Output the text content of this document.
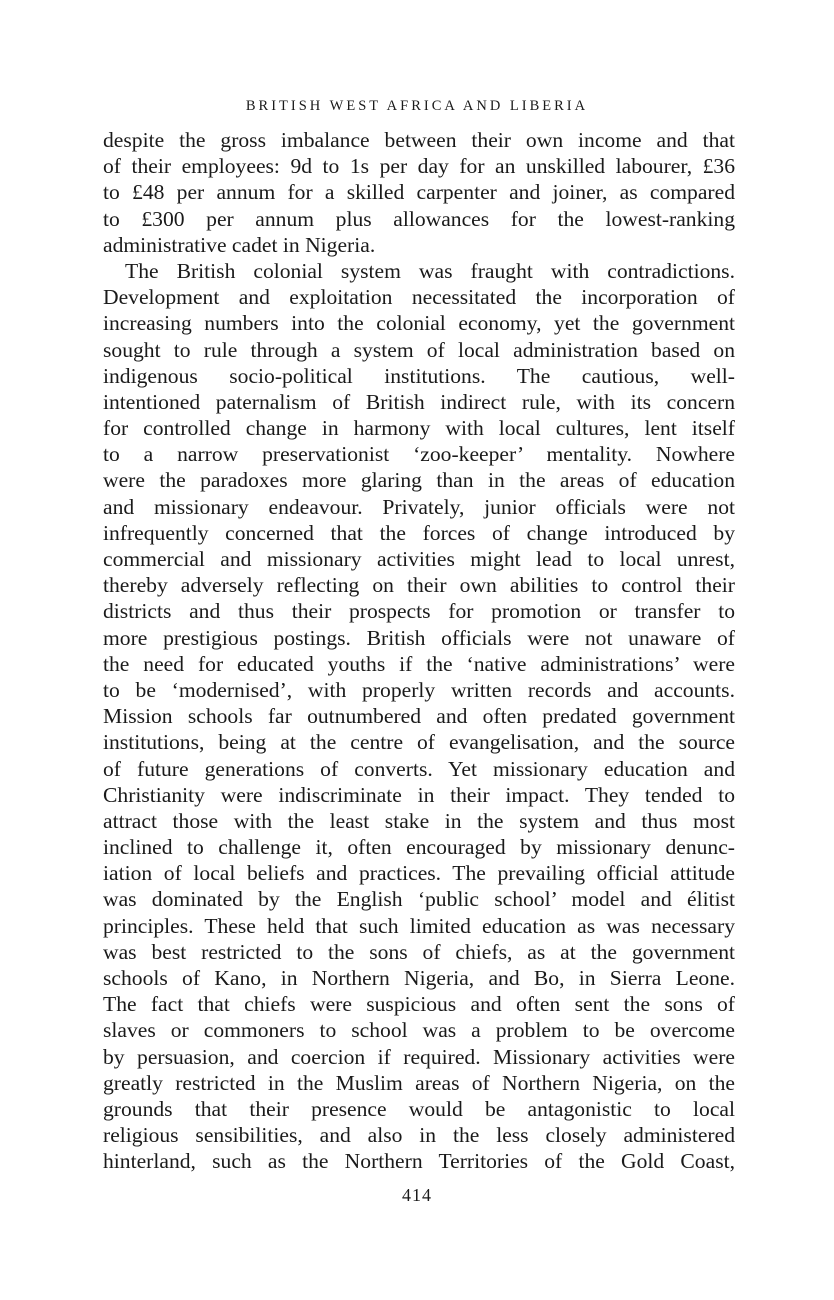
BRITISH WEST AFRICA AND LIBERIA
despite the gross imbalance between their own income and that
of their employees: 9d to 1s per day for an unskilled labourer, £36
to £48 per annum for a skilled carpenter and joiner, as compared
to £300 per annum plus allowances for the lowest-ranking
administrative cadet in Nigeria.
The British colonial system was fraught with contradictions.
Development and exploitation necessitated the incorporation of
increasing numbers into the colonial economy, yet the government
sought to rule through a system of local administration based on
indigenous socio-political institutions. The cautious, well-
intentioned paternalism of British indirect rule, with its concern
for controlled change in harmony with local cultures, lent itself
to a narrow preservationist ‘zoo-keeper’ mentality. Nowhere
were the paradoxes more glaring than in the areas of education
and missionary endeavour. Privately, junior officials were not
infrequently concerned that the forces of change introduced by
commercial and missionary activities might lead to local unrest,
thereby adversely reflecting on their own abilities to control their
districts and thus their prospects for promotion or transfer to
more prestigious postings. British officials were not unaware of
the need for educated youths if the ‘native administrations’ were
to be ‘modernised’, with properly written records and accounts.
Mission schools far outnumbered and often predated government
institutions, being at the centre of evangelisation, and the source
of future generations of converts. Yet missionary education and
Christianity were indiscriminate in their impact. They tended to
attract those with the least stake in the system and thus most
inclined to challenge it, often encouraged by missionary denunc-
iation of local beliefs and practices. The prevailing official attitude
was dominated by the English ‘public school’ model and élitist
principles. These held that such limited education as was necessary
was best restricted to the sons of chiefs, as at the government
schools of Kano, in Northern Nigeria, and Bo, in Sierra Leone.
The fact that chiefs were suspicious and often sent the sons of
slaves or commoners to school was a problem to be overcome
by persuasion, and coercion if required. Missionary activities were
greatly restricted in the Muslim areas of Northern Nigeria, on the
grounds that their presence would be antagonistic to local
religious sensibilities, and also in the less closely administered
hinterland, such as the Northern Territories of the Gold Coast,
414
